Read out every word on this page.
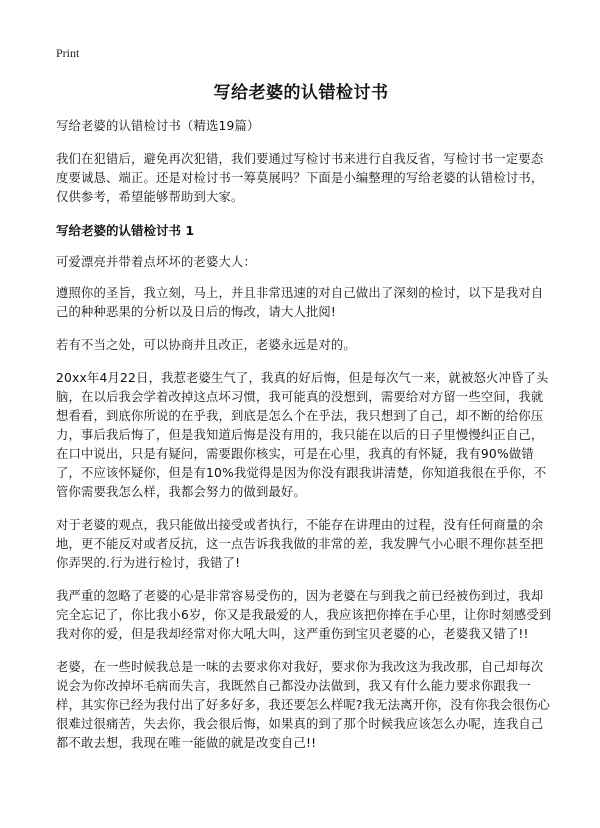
Print
写给老婆的认错检讨书

写给老婆的认错检讨书（精选19篇）

我们在犯错后，避免再次犯错，我们要通过写检讨书来进行自我反省，写检讨书一定要态度要诚恳、端正。还是对检讨书一筹莫展吗？下面是小编整理的写给老婆的认错检讨书，仅供参考，希望能够帮助到大家。

写给老婆的认错检讨书 1

可爱漂亮并带着点坏坏的老婆大人：

遵照你的圣旨，我立刻，马上，并且非常迅速的对自己做出了深刻的检讨，以下是我对自己的种种恶果的分析以及日后的悔改，请大人批阅!

若有不当之处，可以协商并且改正，老婆永远是对的。

20xx年4月22日，我惹老婆生气了，我真的好后悔，但是每次气一来，就被怒火冲昏了头脑，在以后我会学着改掉这点坏习惯，我可能真的没想到，需要给对方留一些空间，我就想看看，到底你所说的在乎我，到底是怎么个在乎法，我只想到了自己，却不断的给你压力，事后我后悔了，但是我知道后悔是没有用的，我只能在以后的日子里慢慢纠正自己，在口中说出，只是有疑问，需要跟你核实，可是在心里，我真的有怀疑，我有90%做错了，不应该怀疑你，但是有10%我觉得是因为你没有跟我讲清楚，你知道我很在乎你，不管你需要我怎么样，我都会努力的做到最好。

对于老婆的观点，我只能做出接受或者执行，不能存在讲理由的过程，没有任何商量的余地，更不能反对或者反抗，这一点告诉我我做的非常的差，我发脾气小心眼不理你甚至把你弄哭的.行为进行检讨，我错了!

我严重的忽略了老婆的心是非常容易受伤的，因为老婆在与到我之前已经被伤到过，我却完全忘记了，你比我小6岁，你又是我最爱的人，我应该把你捧在手心里，让你时刻感受到我对你的爱，但是我却经常对你大吼大叫，这严重伤到宝贝老婆的心，老婆我又错了!!

老婆，在一些时候我总是一味的去要求你对我好，要求你为我改这为我改那，自己却每次说会为你改掉坏毛病而失言，我既然自己都没办法做到，我又有什么能力要求你跟我一样，其实你已经为我付出了好多好多，我还要怎么样呢?我无法离开你，没有你我会很伤心很难过很痛苦，失去你，我会很后悔，如果真的到了那个时候我应该怎么办呢，连我自己都不敢去想，我现在唯一能做的就是改变自己!!
